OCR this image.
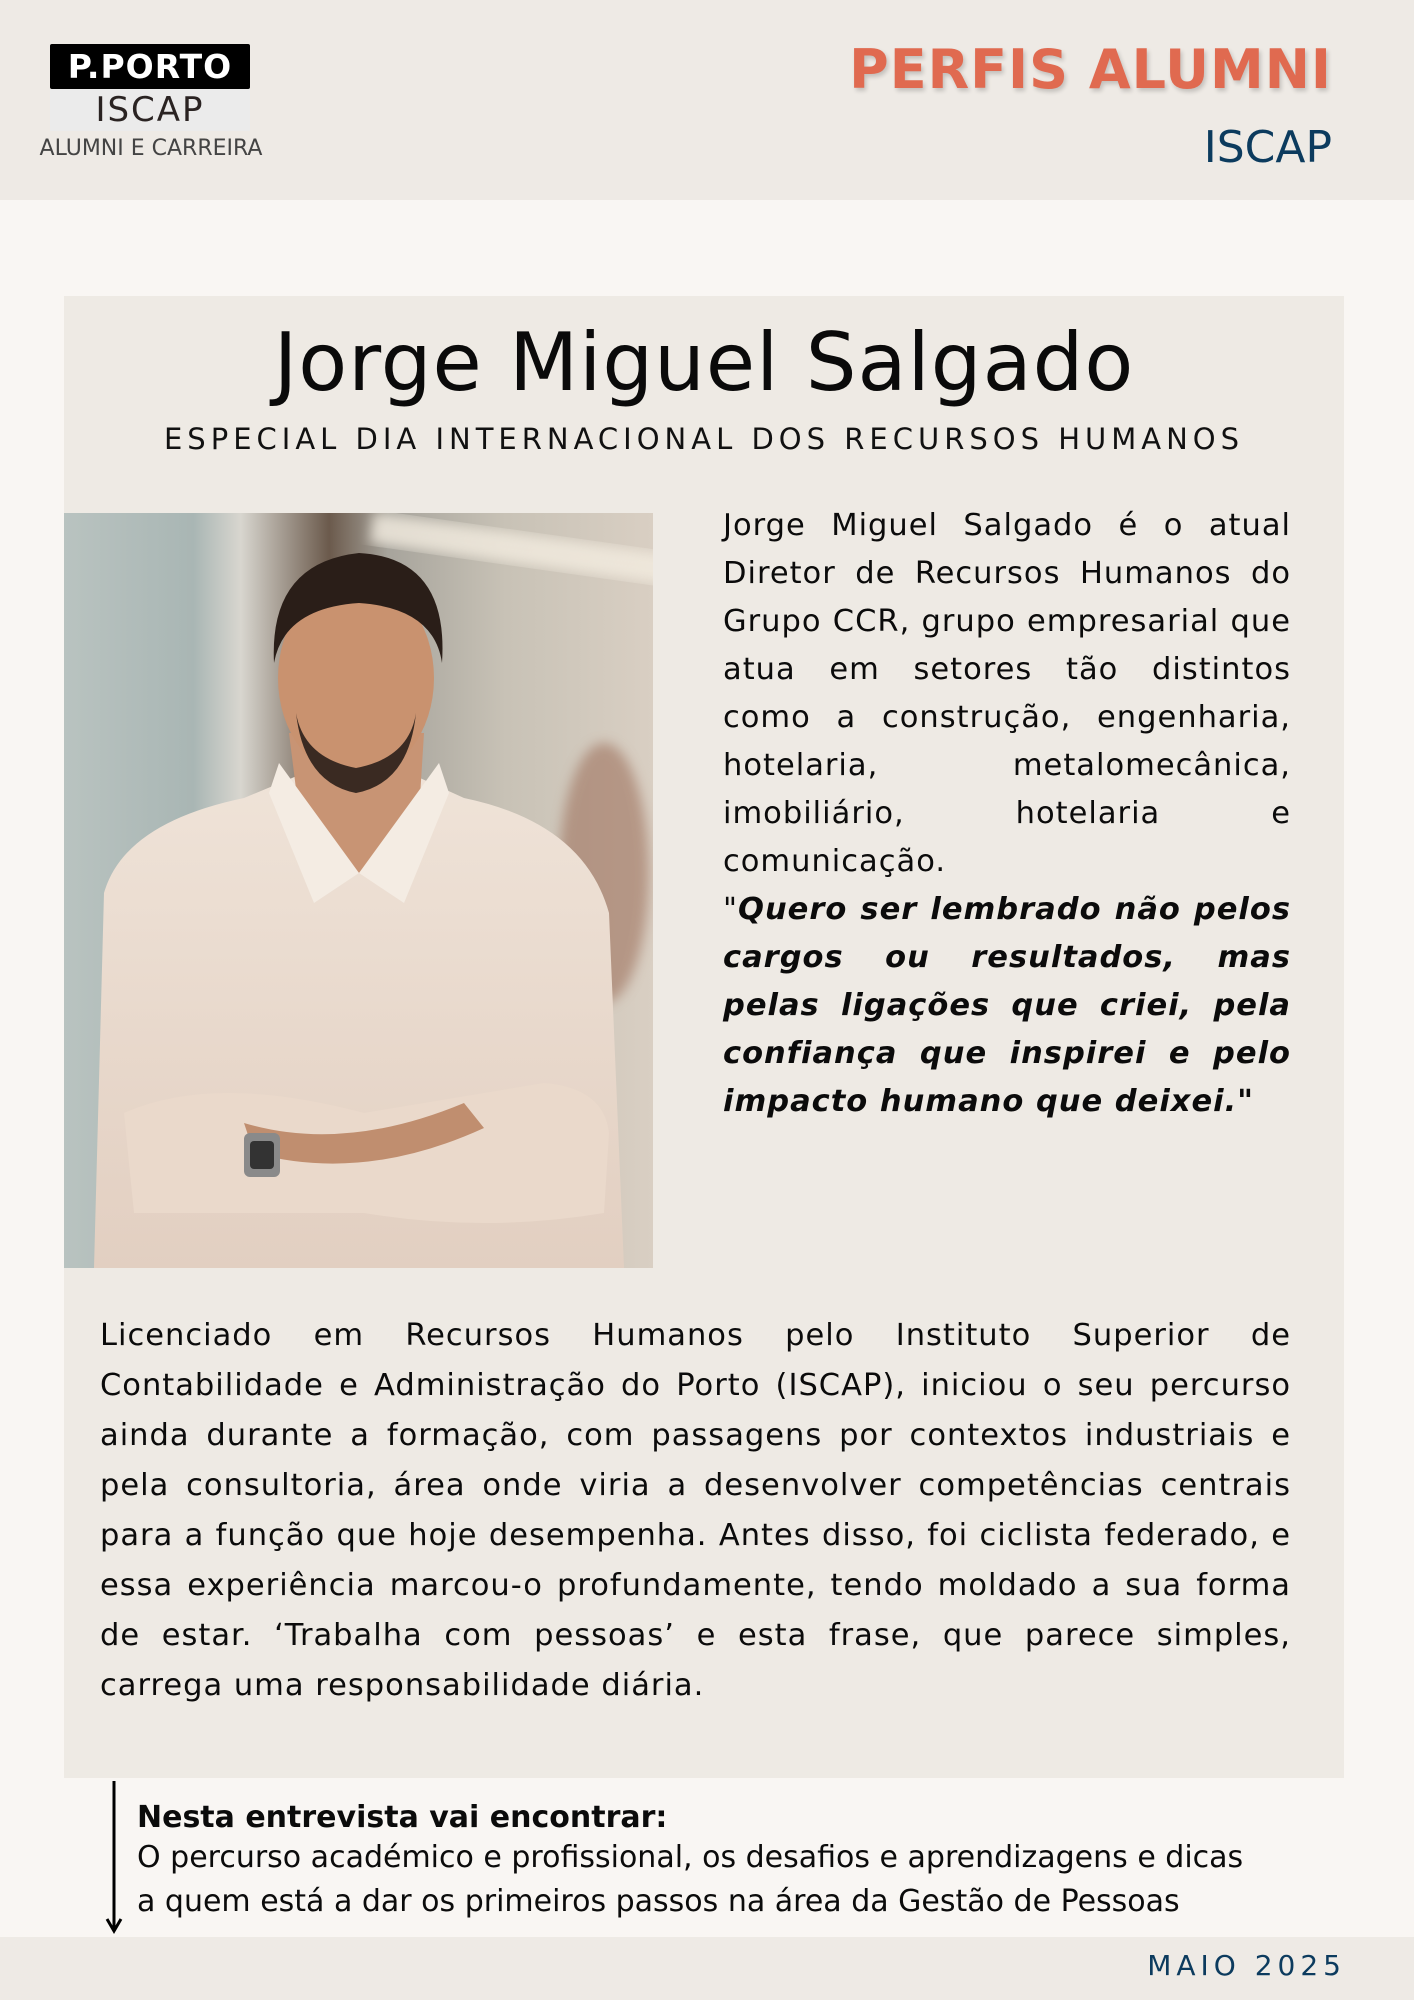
P.PORTO
ISCAP
ALUMNI E CARREIRA
PERFIS ALUMNI
ISCAP
Jorge Miguel Salgado
ESPECIAL DIA INTERNACIONAL DOS RECURSOS HUMANOS
Jorge Miguel Salgado é o atual Diretor de Recursos Humanos do Grupo CCR, grupo empresarial que atua em setores tão distintos como a construção, engenharia, hotelaria, metalomecânica, imobiliário, hotelaria e comunicação.
"Quero ser lembrado não pelos cargos ou resultados, mas pelas ligações que criei, pela confiança que inspirei e pelo impacto humano que deixei."
Licenciado em Recursos Humanos pelo Instituto Superior de Contabilidade e Administração do Porto (ISCAP), iniciou o seu percurso ainda durante a formação, com passagens por contextos industriais e pela consultoria, área onde viria a desenvolver competências centrais para a função que hoje desempenha. Antes disso, foi ciclista federado, e essa experiência marcou-o profundamente, tendo moldado a sua forma de estar. ‘Trabalha com pessoas’ e esta frase, que parece simples, carrega uma responsabilidade diária.
Nesta entrevista vai encontrar:
O percurso académico e profissional, os desafios e aprendizagens e dicas
a quem está a dar os primeiros passos na área da Gestão de Pessoas
MAIO 2025
